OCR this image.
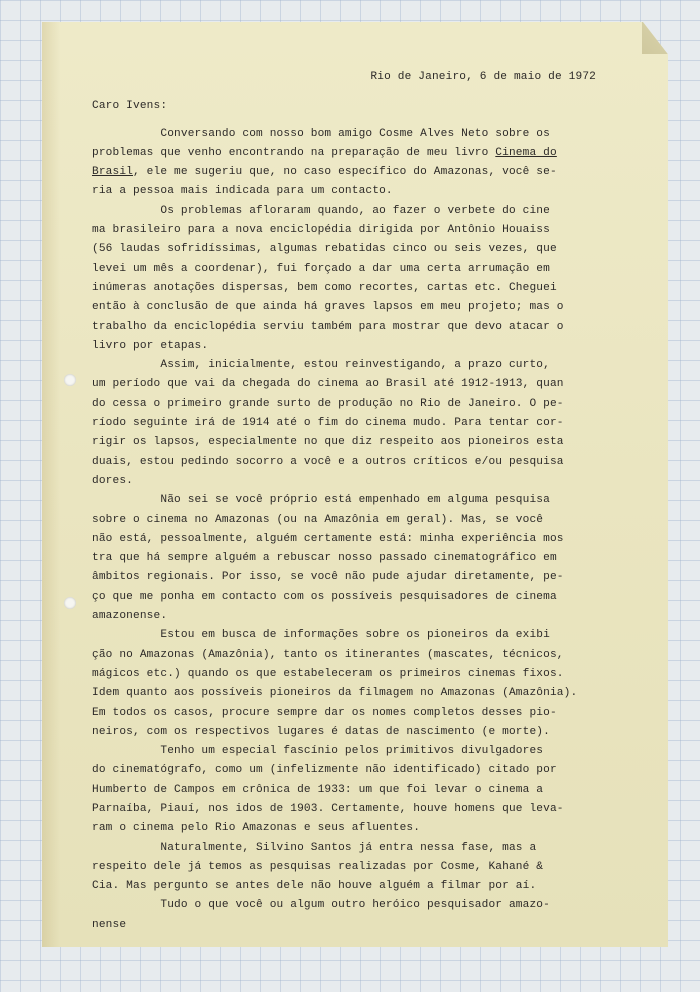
Rio de Janeiro, 6 de maio de 1972
Caro Ivens:
Conversando com nosso bom amigo Cosme Alves Neto sobre os
problemas que venho encontrando na preparação de meu livro Cinema do
Brasil, ele me sugeriu que, no caso específico do Amazonas, você se-
ria a pessoa mais indicada para um contacto.
Os problemas afloraram quando, ao fazer o verbete do cine
ma brasileiro para a nova enciclopédia dirigida por Antônio Houaiss
(56 laudas sofridíssimas, algumas rebatidas cinco ou seis vezes, que
levei um mês a coordenar), fui forçado a dar uma certa arrumação em
inúmeras anotações dispersas, bem como recortes, cartas etc. Cheguei
então à conclusão de que ainda há graves lapsos em meu projeto; mas o
trabalho da enciclopédia serviu também para mostrar que devo atacar o
livro por etapas.
Assim, inicialmente, estou reinvestigando, a prazo curto,
um período que vai da chegada do cinema ao Brasil até 1912-1913, quan
do cessa o primeiro grande surto de produção no Rio de Janeiro. O pe-
ríodo seguinte irá de 1914 até o fim do cinema mudo. Para tentar cor-
rigir os lapsos, especialmente no que diz respeito aos pioneiros esta
duais, estou pedindo socorro a você e a outros críticos e/ou pesquisa
dores.
Não sei se você próprio está empenhado em alguma pesquisa
sobre o cinema no Amazonas (ou na Amazônia em geral). Mas, se você
não está, pessoalmente, alguém certamente está: minha experiência mos
tra que há sempre alguém a rebuscar nosso passado cinematográfico em
âmbitos regionais. Por isso, se você não pude ajudar diretamente, pe-
ço que me ponha em contacto com os possíveis pesquisadores de cinema
amazonense.
Estou em busca de informações sobre os pioneiros da exibi
ção no Amazonas (Amazônia), tanto os itinerantes (mascates, técnicos,
mágicos etc.) quando os que estabeleceram os primeiros cinemas fixos.
Idem quanto aos possíveis pioneiros da filmagem no Amazonas (Amazônia).
Em todos os casos, procure sempre dar os nomes completos desses pio-
neiros, com os respectivos lugares é datas de nascimento (e morte).
Tenho um especial fascínio pelos primitivos divulgadores
do cinematógrafo, como um (infelizmente não identificado) citado por
Humberto de Campos em crônica de 1933: um que foi levar o cinema a
Parnaíba, Piauí, nos idos de 1903. Certamente, houve homens que leva-
ram o cinema pelo Rio Amazonas e seus afluentes.
Naturalmente, Silvino Santos já entra nessa fase, mas a
respeito dele já temos as pesquisas realizadas por Cosme, Kahané &
Cia. Mas pergunto se antes dele não houve alguém a filmar por aí.
Tudo o que você ou algum outro heróico pesquisador amazo-
nense
